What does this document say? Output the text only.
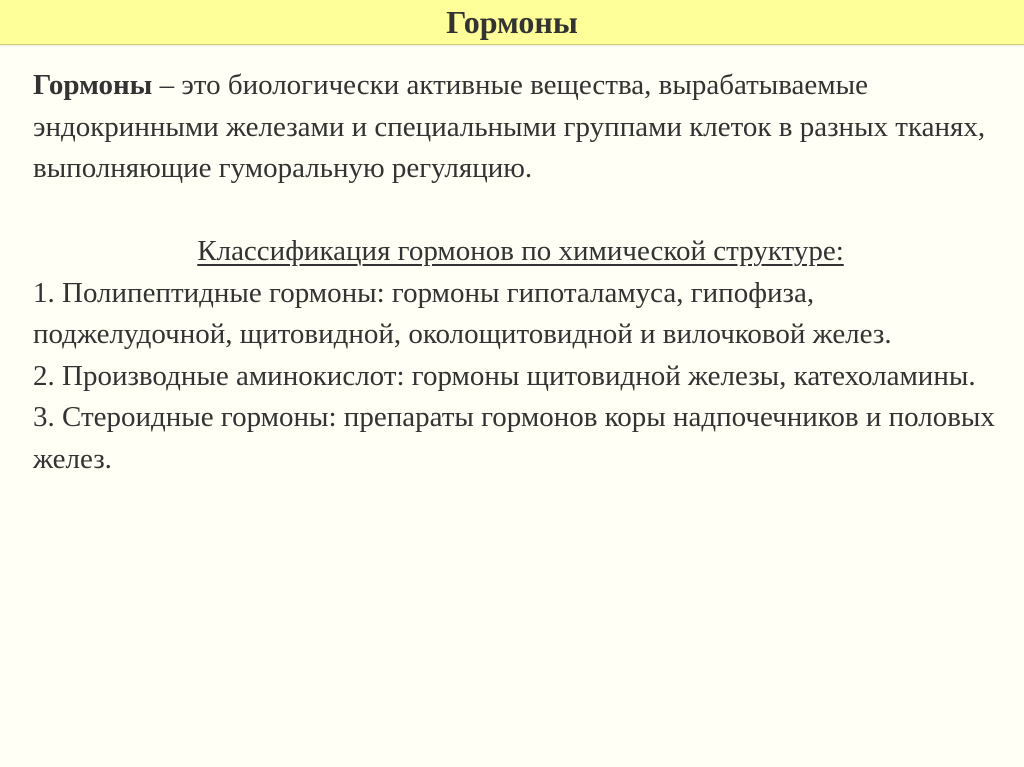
Гормоны

Гормоны – это биологически активные вещества, вырабатываемые эндокринными железами и специальными группами клеток в разных тканях, выполняющие гуморальную регуляцию.

Классификация гормонов по химической структуре:

1. Полипептидные гормоны: гормоны гипоталамуса, гипофиза, поджелудочной, щитовидной, околощитовидной и вилочковой желез.

2. Производные аминокислот: гормоны щитовидной железы, катехоламины.

3. Стероидные гормоны: препараты гормонов коры надпочечников и половых желез.
